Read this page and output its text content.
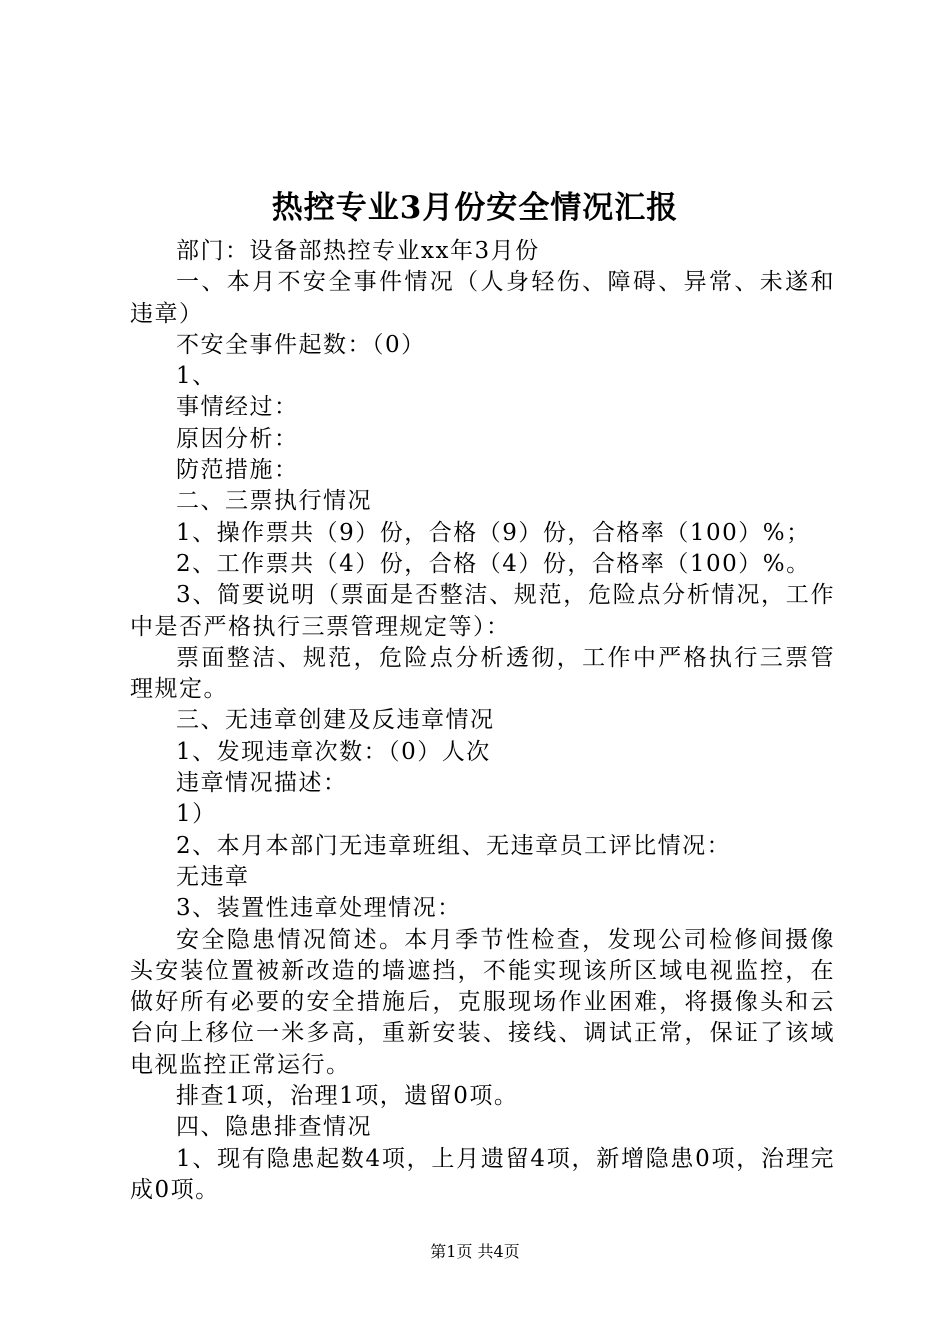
热控专业3月份安全情况汇报

部门：设备部热控专业xx年3月份

一、本月不安全事件情况（人身轻伤、障碍、异常、未遂和违章）

不安全事件起数：（0）

1、

事情经过：

原因分析：

防范措施：

二、三票执行情况

1、操作票共（9）份，合格（9）份，合格率（100）%；

2、工作票共（4）份，合格（4）份，合格率（100）%。

3、简要说明（票面是否整洁、规范，危险点分析情况，工作中是否严格执行三票管理规定等）：

票面整洁、规范，危险点分析透彻，工作中严格执行三票管理规定。

三、无违章创建及反违章情况

1、发现违章次数：（0）人次

违章情况描述：

1）

2、本月本部门无违章班组、无违章员工评比情况：

无违章

3、装置性违章处理情况：

安全隐患情况简述。本月季节性检查，发现公司检修间摄像头安装位置被新改造的墙遮挡，不能实现该所区域电视监控，在做好所有必要的安全措施后，克服现场作业困难，将摄像头和云台向上移位一米多高，重新安装、接线、调试正常，保证了该域电视监控正常运行。

排查1项，治理1项，遗留0项。

四、隐患排查情况

1、现有隐患起数4项，上月遗留4项，新增隐患0项，治理完成0项。

第1页 共4页
